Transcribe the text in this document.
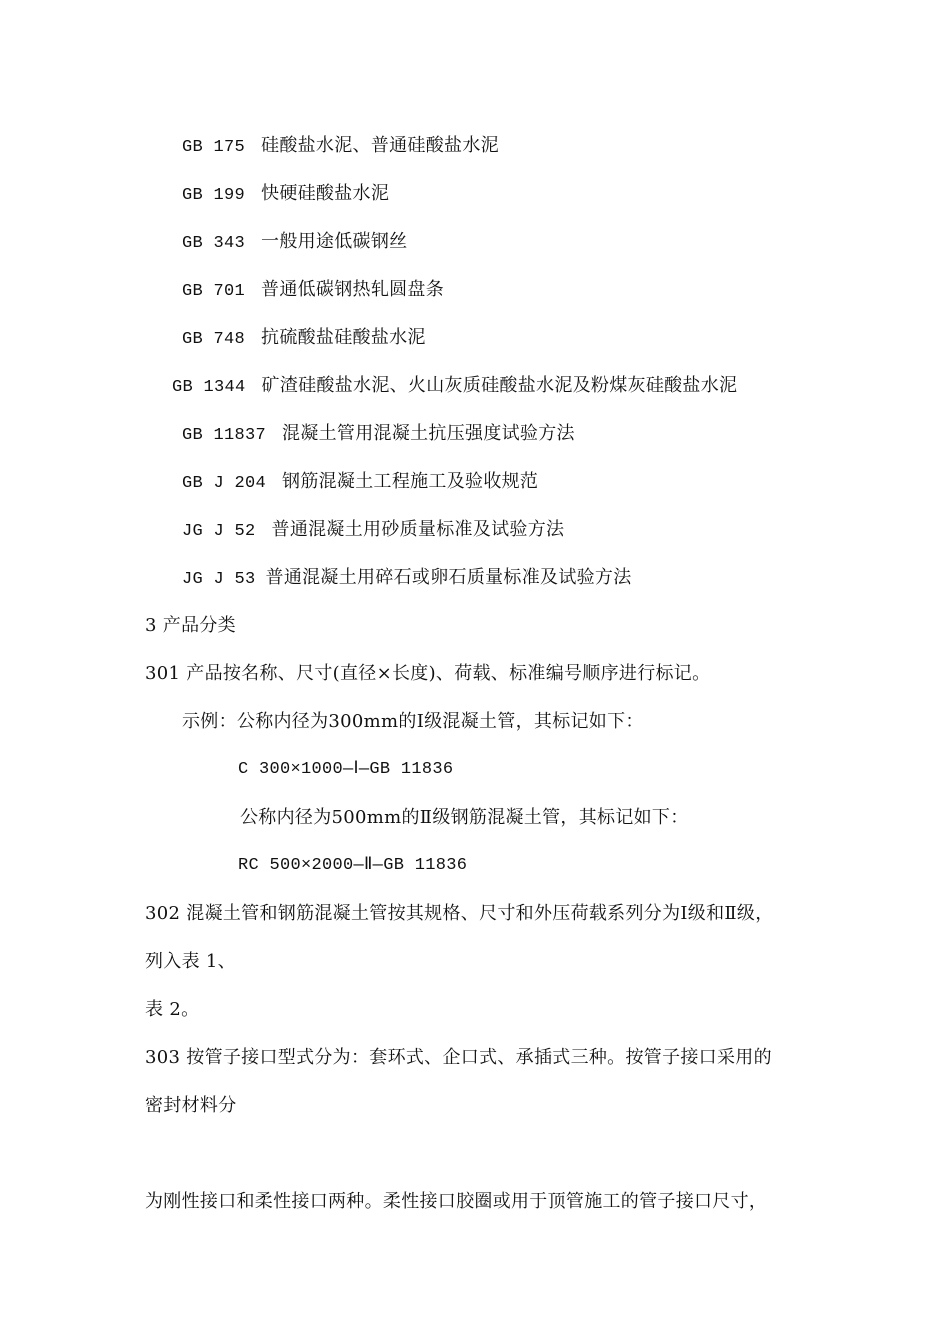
GB 175 硅酸盐水泥、普通硅酸盐水泥
GB 199 快硬硅酸盐水泥
GB 343 一般用途低碳钢丝
GB 701 普通低碳钢热轧圆盘条
GB 748 抗硫酸盐硅酸盐水泥
GB 1344 矿渣硅酸盐水泥、火山灰质硅酸盐水泥及粉煤灰硅酸盐水泥
GB 11837 混凝土管用混凝土抗压强度试验方法
GB J 204 钢筋混凝土工程施工及验收规范
JG J 52 普通混凝土用砂质量标准及试验方法
JG J 53 普通混凝土用碎石或卵石质量标准及试验方法
3 产品分类
301 产品按名称、尺寸(直径×长度)、荷载、标准编号顺序进行标记。
示例：公称内径为300mm的Ⅰ级混凝土管，其标记如下：
C 300×1000—Ⅰ—GB 11836
公称内径为500mm的Ⅱ级钢筋混凝土管，其标记如下：
RC 500×2000—Ⅱ—GB 11836
302 混凝土管和钢筋混凝土管按其规格、尺寸和外压荷载系列分为Ⅰ级和Ⅱ级，
列入表 1、
表 2。
303 按管子接口型式分为：套环式、企口式、承插式三种。按管子接口采用的
密封材料分
为刚性接口和柔性接口两种。柔性接口胶圈或用于顶管施工的管子接口尺寸，
